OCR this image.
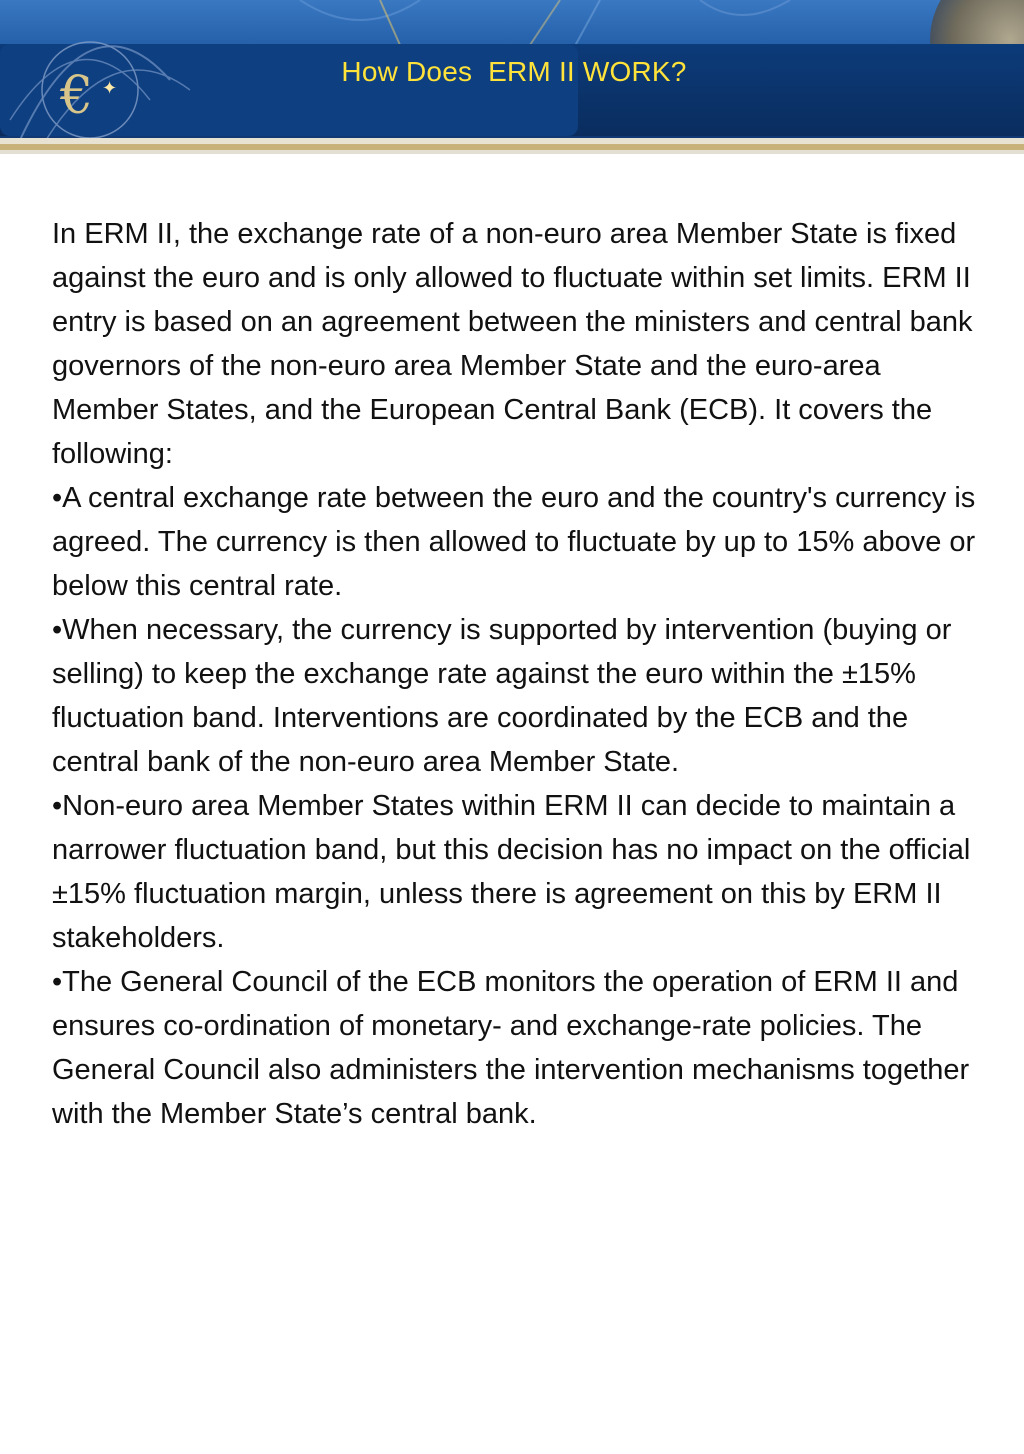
€ ✦
How Does  ERM II WORK?

In ERM II, the exchange rate of a non-euro area Member State is fixed against the euro and is only allowed to fluctuate within set limits. ERM II entry is based on an agreement between the ministers and central bank governors of the non-euro area Member State and the euro-area Member States, and the European Central Bank (ECB). It covers the following:

•A central exchange rate between the euro and the country's currency is agreed. The currency is then allowed to fluctuate by up to 15% above or below this central rate.

•When necessary, the currency is supported by intervention (buying or selling) to keep the exchange rate against the euro within the ±15% fluctuation band. Interventions are coordinated by the ECB and the central bank of the non-euro area Member State.

•Non-euro area Member States within ERM II can decide to maintain a narrower fluctuation band, but this decision has no impact on the official ±15% fluctuation margin, unless there is agreement on this by ERM II stakeholders.

•The General Council of the ECB monitors the operation of ERM II and ensures co-ordination of monetary- and exchange-rate policies. The General Council also administers the intervention mechanisms together with the Member State’s central bank.
